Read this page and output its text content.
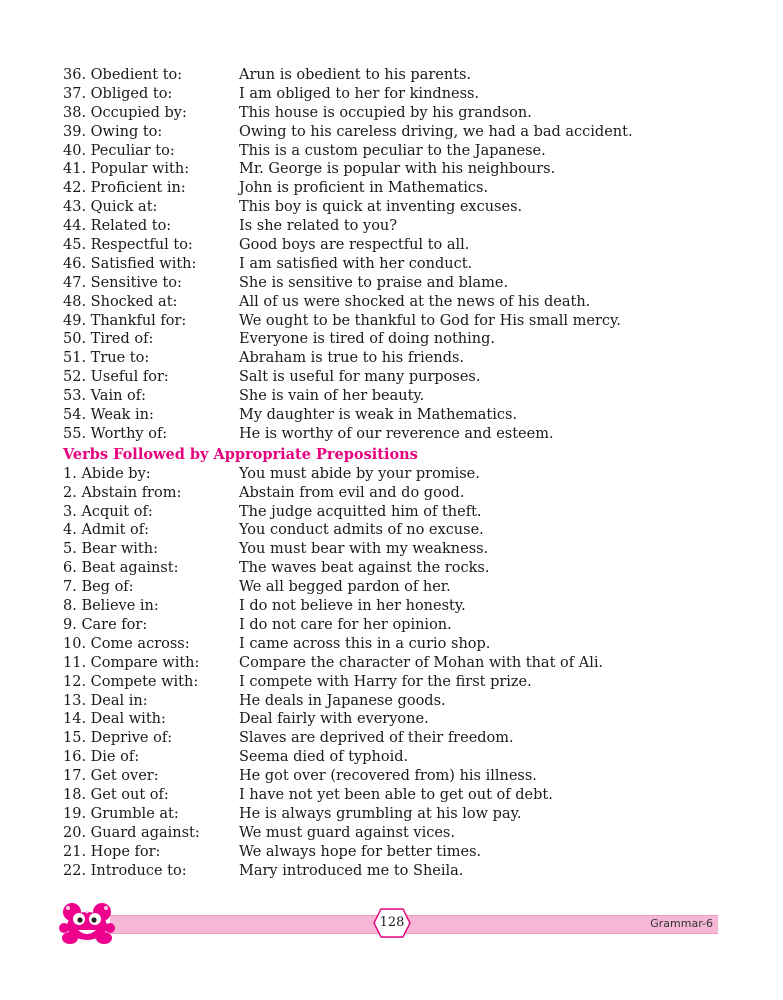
36. Obedient to:	Arun is obedient to his parents.
37. Obliged to:	I am obliged to her for kindness.
38. Occupied by:	This house is occupied by his grandson.
39. Owing to:	Owing to his careless driving, we had a bad accident.
40. Peculiar to:	This is a custom peculiar to the Japanese.
41. Popular with:	Mr. George is popular with his neighbours.
42. Proficient in:	John is proficient in Mathematics.
43. Quick at:	This boy is quick at inventing excuses.
44. Related to:	Is she related to you?
45. Respectful to:	Good boys are respectful to all.
46. Satisfied with:	I am satisfied with her conduct.
47. Sensitive to:	She is sensitive to praise and blame.
48. Shocked at:	All of us were shocked at the news of his death.
49. Thankful for:	We ought to be thankful to God for His small mercy.
50. Tired of:	Everyone is tired of doing nothing.
51. True to:	Abraham is true to his friends.
52. Useful for:	Salt is useful for many purposes.
53. Vain of:	She is vain of her beauty.
54. Weak in:	My daughter is weak in Mathematics.
55. Worthy of:	He is worthy of our reverence and esteem.
Verbs Followed by Appropriate Prepositions
1. Abide by:	You must abide by your promise.
2. Abstain from:	Abstain from evil and do good.
3. Acquit of:	The judge acquitted him of theft.
4. Admit of:	You conduct admits of no excuse.
5. Bear with:	You must bear with my weakness.
6. Beat against:	The waves beat against the rocks.
7. Beg of:	We all begged pardon of her.
8. Believe in:	I do not believe in her honesty.
9. Care for:	I do not care for her opinion.
10. Come across:	I came across this in a curio shop.
11. Compare with:	Compare the character of Mohan with that of Ali.
12. Compete with:	I compete with Harry for the first prize.
13. Deal in:	He deals in Japanese goods.
14. Deal with:	Deal fairly with everyone.
15. Deprive of:	Slaves are deprived of their freedom.
16. Die of:	Seema died of typhoid.
17. Get over:	He got over (recovered from) his illness.
18. Get out of:	I have not yet been able to get out of debt.
19. Grumble at:	He is always grumbling at his low pay.
20. Guard against:	We must guard against vices.
21. Hope for:	We always hope for better times.
22. Introduce to:	Mary introduced me to Sheila.
128	Grammar-6
